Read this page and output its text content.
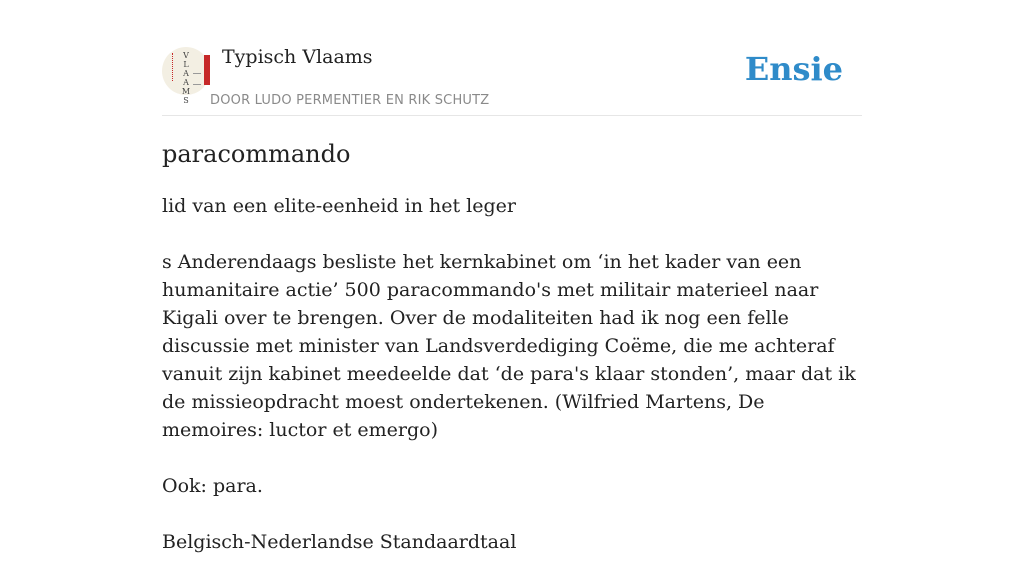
VLAAMS
Typisch Vlaams
DOOR LUDO PERMENTIER EN RIK SCHUTZ
Ensie
paracommando

lid van een elite-eenheid in het leger

s Anderendaags besliste het kernkabinet om ‘in het kader van een humanitaire actie’ 500 paracommando's met militair materieel naar Kigali over te brengen. Over de modaliteiten had ik nog een felle discussie met minister van Landsverdediging Coëme, die me achteraf vanuit zijn kabinet meedeelde dat ‘de para's klaar stonden’, maar dat ik de missieopdracht moest ondertekenen. (Wilfried Martens, De memoires: luctor et emergo)

Ook: para.

Belgisch-Nederlandse Standaardtaal
